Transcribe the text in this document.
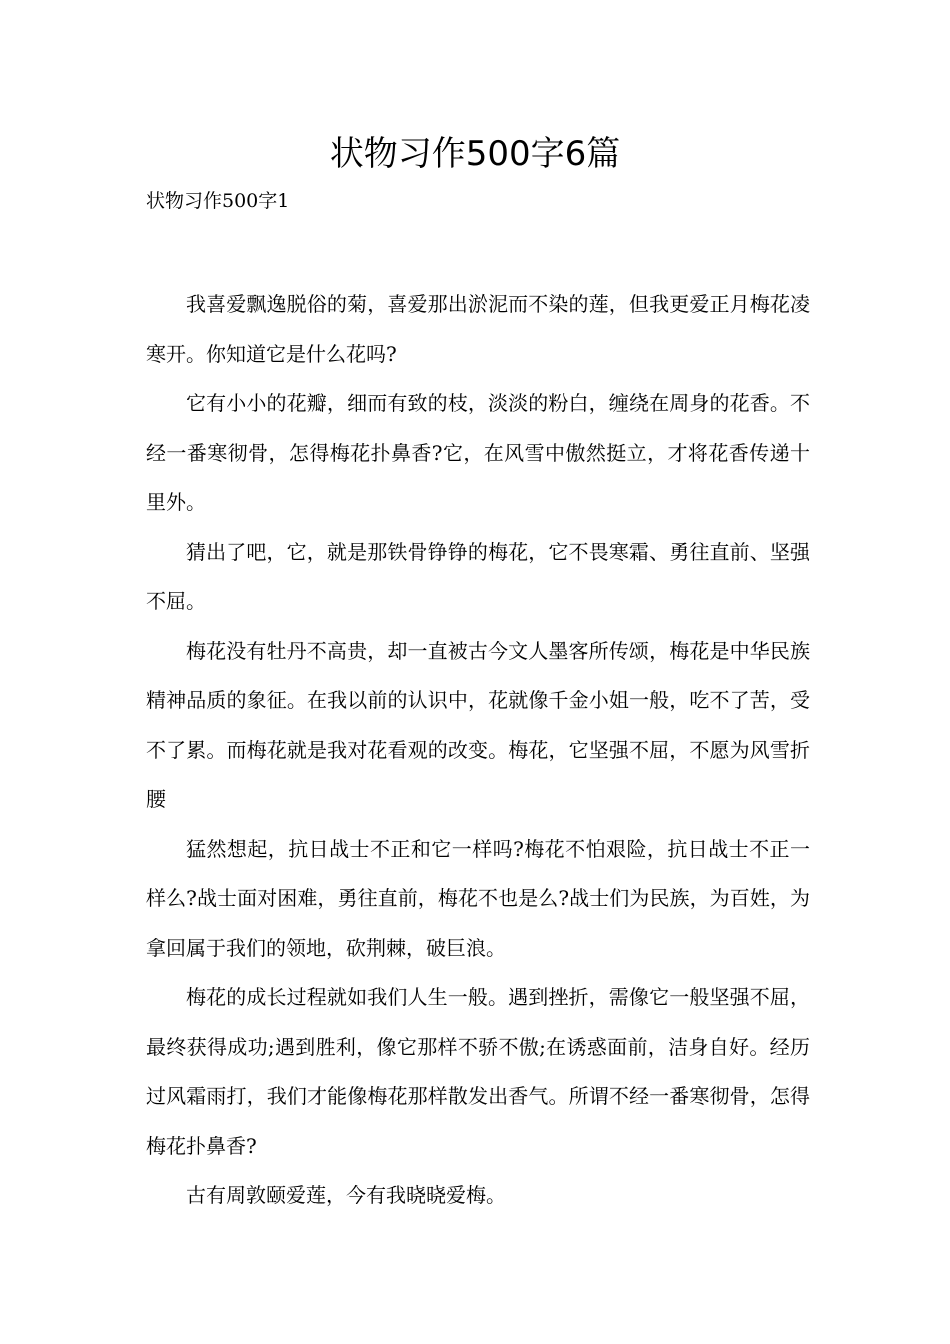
状物习作500字6篇
状物习作500字1

我喜爱飘逸脱俗的菊，喜爱那出淤泥而不染的莲，但我更爱正月梅花凌寒开。你知道它是什么花吗?

它有小小的花瓣，细而有致的枝，淡淡的粉白，缠绕在周身的花香。不经一番寒彻骨，怎得梅花扑鼻香?它，在风雪中傲然挺立，才将花香传递十里外。

猜出了吧，它，就是那铁骨铮铮的梅花，它不畏寒霜、勇往直前、坚强不屈。

梅花没有牡丹不高贵，却一直被古今文人墨客所传颂，梅花是中华民族精神品质的象征。在我以前的认识中，花就像千金小姐一般，吃不了苦，受不了累。而梅花就是我对花看观的改变。梅花，它坚强不屈，不愿为风雪折腰

猛然想起，抗日战士不正和它一样吗?梅花不怕艰险，抗日战士不正一样么?战士面对困难，勇往直前，梅花不也是么?战士们为民族，为百姓，为拿回属于我们的领地，砍荆棘，破巨浪。

梅花的成长过程就如我们人生一般。遇到挫折，需像它一般坚强不屈，最终获得成功;遇到胜利，像它那样不骄不傲;在诱惑面前，洁身自好。经历过风霜雨打，我们才能像梅花那样散发出香气。所谓不经一番寒彻骨，怎得梅花扑鼻香?

古有周敦颐爱莲，今有我晓晓爱梅。
